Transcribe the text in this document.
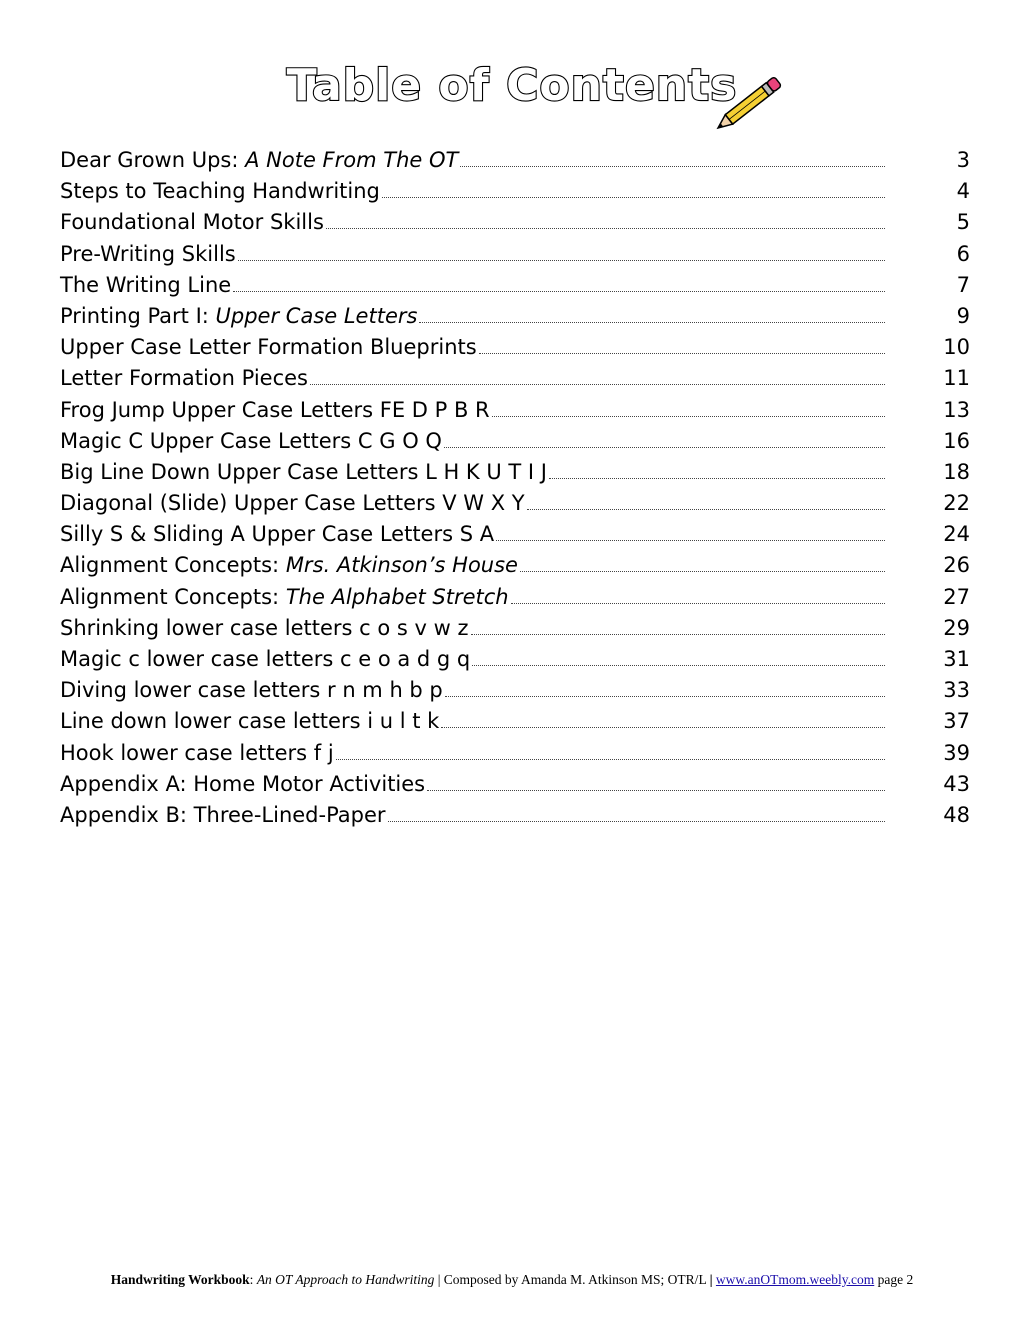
Table of Contents
Dear Grown Ups: A Note From The OT	3
Steps to Teaching Handwriting	4
Foundational Motor Skills	5
Pre-Writing Skills	6
The Writing Line	7
Printing Part I: Upper Case Letters	9
Upper Case Letter Formation Blueprints	10
Letter Formation Pieces	11
Frog Jump Upper Case Letters FE D P B R	13
Magic C Upper Case Letters C G O Q	16
Big Line Down Upper Case Letters L H K U T I J	18
Diagonal (Slide) Upper Case Letters V W X Y	22
Silly S & Sliding A Upper Case Letters S A	24
Alignment Concepts: Mrs. Atkinson’s House	26
Alignment Concepts: The Alphabet Stretch	27
Shrinking lower case letters c o s v w z	29
Magic c lower case letters c e o a d g q	31
Diving lower case letters r n m h b p	33
Line down lower case letters i u l t k	37
Hook lower case letters f j	39
Appendix A: Home Motor Activities	43
Appendix B: Three-Lined-Paper	48
Handwriting Workbook: An OT Approach to Handwriting | Composed by Amanda M. Atkinson MS; OTR/L | www.anOTmom.weebly.com page 2
